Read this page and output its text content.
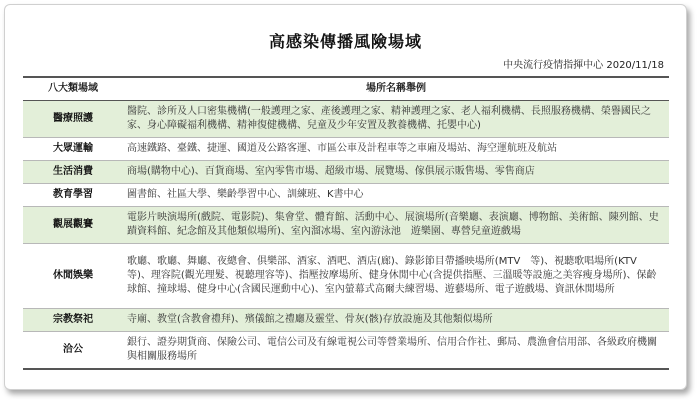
高感染傳播風險場域
中央流行疫情指揮中心 2020/11/18
八大類場域	場所名稱舉例
醫療照護	醫院、診所及人口密集機構(一般護理之家、產後護理之家、精神護理之家、老人福利機構、長照服務機構、榮譽國民之家、身心障礙福利機構、精神復健機構、兒童及少年安置及教養機構、托嬰中心)
大眾運輸	高速鐵路、臺鐵、捷運、國道及公路客運、市區公車及計程車等之車廂及場站、海空運航班及航站
生活消費	商場(購物中心)、百貨商場、室內零售市場、超級市場、展覽場、傢俱展示販售場、零售商店
教育學習	圖書館、社區大學、樂齡學習中心、訓練班、K書中心
觀展觀賽	電影片映演場所(戲院、電影院)、集會堂、體育館、活動中心、展演場所(音樂廳、表演廳、博物館、美術館、陳列館、史蹟資料館、紀念館及其他類似場所)、室內溜冰場、室內游泳池　遊樂園、專營兒童遊戲場
休閒娛樂	歌廳、歌廳、舞廳、夜總會、俱樂部、酒家、酒吧、酒店(廊)、錄影節目帶播映場所(MTV　等)、視聽歌唱場所(KTV　等)、理容院(觀光理髮、視聽理容等)、指壓按摩場所、健身休閒中心(含提供指壓、三溫暖等設施之美容瘦身場所)、保齡球館、撞球場、健身中心(含國民運動中心)、室內螢幕式高爾夫練習場、遊藝場所、電子遊戲場、資訊休閒場所
宗教祭祀	寺廟、教堂(含教會禮拜)、殯儀館之禮廳及靈堂、骨灰(骸)存放設施及其他類似場所
洽公	銀行、證券期貨商、保險公司、電信公司及有線電視公司等營業場所、信用合作社、郵局、農漁會信用部、各級政府機關與相關服務場所
